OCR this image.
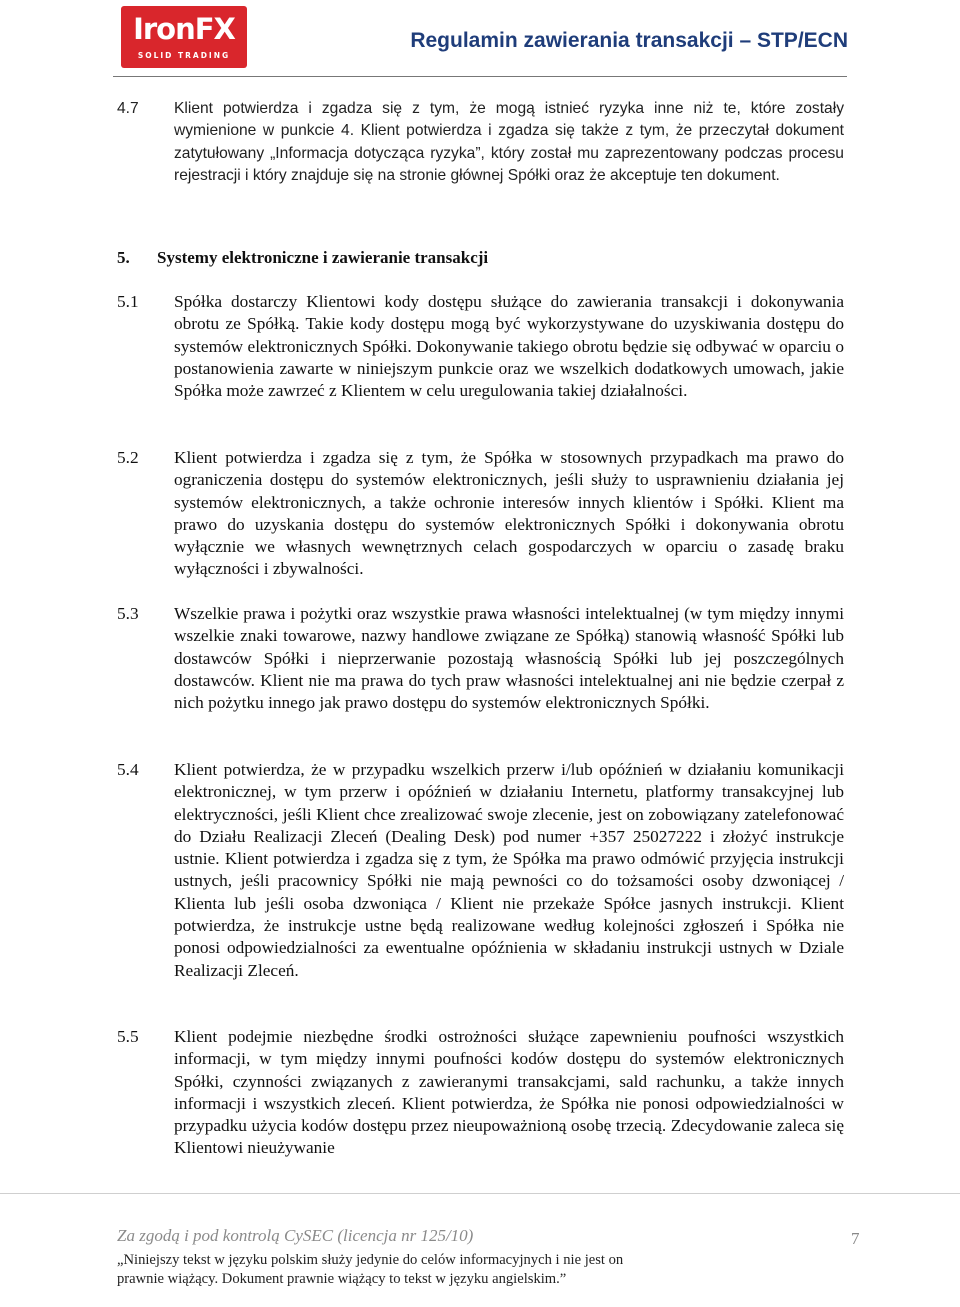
IronFX
SOLID TRADING
Regulamin zawierania transakcji – STP/ECN
4.7 Klient potwierdza i zgadza się z tym, że mogą istnieć ryzyka inne niż te, które zostały wymienione w punkcie 4. Klient potwierdza i zgadza się także z tym, że przeczytał dokument zatytułowany „Informacja dotycząca ryzyka”, który został mu zaprezentowany podczas procesu rejestracji i który znajduje się na stronie głównej Spółki oraz że akceptuje ten dokument.
5. Systemy elektroniczne i zawieranie transakcji
5.1 Spółka dostarczy Klientowi kody dostępu służące do zawierania transakcji i dokonywania obrotu ze Spółką. Takie kody dostępu mogą być wykorzystywane do uzyskiwania dostępu do systemów elektronicznych Spółki. Dokonywanie takiego obrotu będzie się odbywać w oparciu o postanowienia zawarte w niniejszym punkcie oraz we wszelkich dodatkowych umowach, jakie Spółka może zawrzeć z Klientem w celu uregulowania takiej działalności.
5.2 Klient potwierdza i zgadza się z tym, że Spółka w stosownych przypadkach ma prawo do ograniczenia dostępu do systemów elektronicznych, jeśli służy to usprawnieniu działania jej systemów elektronicznych, a także ochronie interesów innych klientów i Spółki. Klient ma prawo do uzyskania dostępu do systemów elektronicznych Spółki i dokonywania obrotu wyłącznie we własnych wewnętrznych celach gospodarczych w oparciu o zasadę braku wyłączności i zbywalności.
5.3 Wszelkie prawa i pożytki oraz wszystkie prawa własności intelektualnej (w tym między innymi wszelkie znaki towarowe, nazwy handlowe związane ze Spółką) stanowią własność Spółki lub dostawców Spółki i nieprzerwanie pozostają własnością Spółki lub jej poszczególnych dostawców. Klient nie ma prawa do tych praw własności intelektualnej ani nie będzie czerpał z nich pożytku innego jak prawo dostępu do systemów elektronicznych Spółki.
5.4 Klient potwierdza, że w przypadku wszelkich przerw i/lub opóźnień w działaniu komunikacji elektronicznej, w tym przerw i opóźnień w działaniu Internetu, platformy transakcyjnej lub elektryczności, jeśli Klient chce zrealizować swoje zlecenie, jest on zobowiązany zatelefonować do Działu Realizacji Zleceń (Dealing Desk) pod numer +357 25027222 i złożyć instrukcje ustnie. Klient potwierdza i zgadza się z tym, że Spółka ma prawo odmówić przyjęcia instrukcji ustnych, jeśli pracownicy Spółki nie mają pewności co do tożsamości osoby dzwoniącej / Klienta lub jeśli osoba dzwoniąca / Klient nie przekaże Spółce jasnych instrukcji. Klient potwierdza, że instrukcje ustne będą realizowane według kolejności zgłoszeń i Spółka nie ponosi odpowiedzialności za ewentualne opóźnienia w składaniu instrukcji ustnych w Dziale Realizacji Zleceń.
5.5 Klient podejmie niezbędne środki ostrożności służące zapewnieniu poufności wszystkich informacji, w tym między innymi poufności kodów dostępu do systemów elektronicznych Spółki, czynności związanych z zawieranymi transakcjami, sald rachunku, a także innych informacji i wszystkich zleceń. Klient potwierdza, że Spółka nie ponosi odpowiedzialności w przypadku użycia kodów dostępu przez nieupoważnioną osobę trzecią. Zdecydowanie zaleca się Klientowi nieużywanie
Za zgodą i pod kontrolą CySEC (licencja nr 125/10)
„Niniejszy tekst w języku polskim służy jedynie do celów informacyjnych i nie jest on prawnie wiążący. Dokument prawnie wiążący to tekst w języku angielskim.”
7
